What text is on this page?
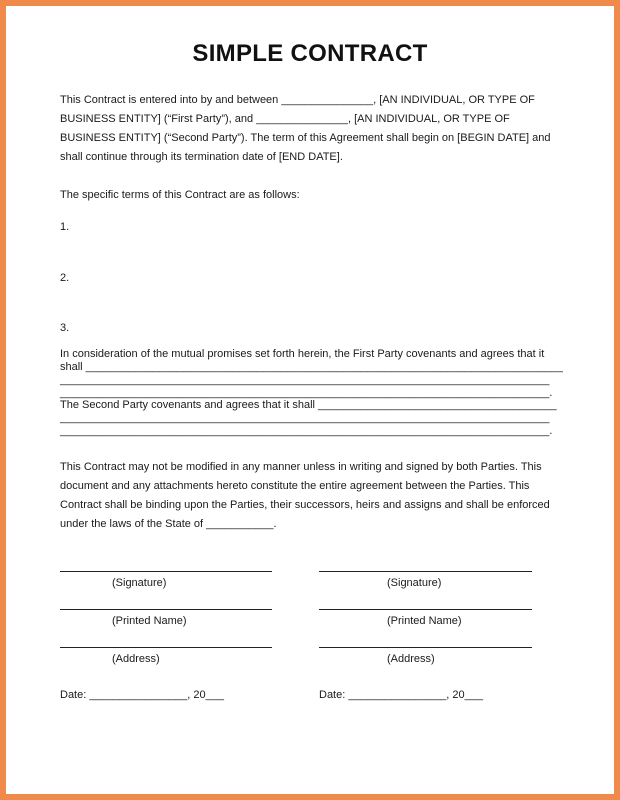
SIMPLE CONTRACT
This Contract is entered into by and between _______________, [AN INDIVIDUAL, OR TYPE OF
BUSINESS ENTITY] (“First Party”), and _______________, [AN INDIVIDUAL, OR TYPE OF
BUSINESS ENTITY] (“Second Party”). The term of this Agreement shall begin on [BEGIN DATE] and
shall continue through its termination date of [END DATE].
The specific terms of this Contract are as follows:
1.
2.
3.
In consideration of the mutual promises set forth herein, the First Party covenants and agrees that it
shall ______________________________________________________________________________
________________________________________________________________________________
________________________________________________________________________________.
The Second Party covenants and agrees that it shall _______________________________________
________________________________________________________________________________
________________________________________________________________________________.
This Contract may not be modified in any manner unless in writing and signed by both Parties. This
document and any attachments hereto constitute the entire agreement between the Parties. This
Contract shall be binding upon the Parties, their successors, heirs and assigns and shall be enforced
under the laws of the State of ___________.
(Signature)
(Printed Name)
(Address)
(Signature)
(Printed Name)
(Address)
Date: ________________, 20___	Date: ________________, 20___
